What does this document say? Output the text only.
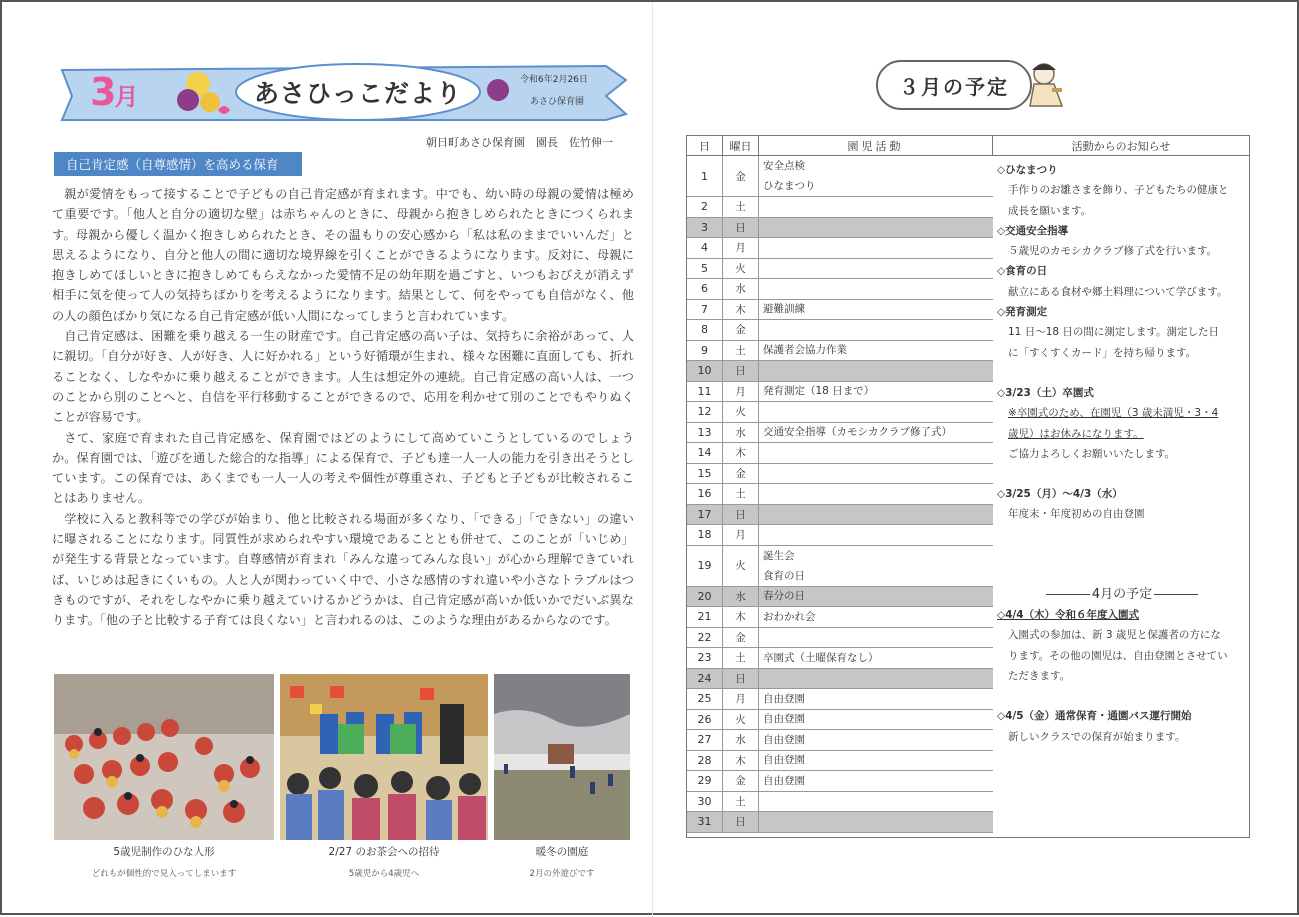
3月	あさひっこだより	令和6年2月26日
あさひ保育園
朝日町あさひ保育園　園長　佐竹伸一
自己肯定感（自尊感情）を高める保育

親が愛情をもって接することで子どもの自己肯定感が育まれます。中でも、幼い時の母親の愛情は極めて重要です。「他人と自分の適切な壁」は赤ちゃんのときに、母親から抱きしめられたときにつくられます。母親から優しく温かく抱きしめられたとき、その温もりの安心感から「私は私のままでいいんだ」と思えるようになり、自分と他人の間に適切な境界線を引くことができるようになります。反対に、母親に抱きしめてほしいときに抱きしめてもらえなかった愛情不足の幼年期を過ごすと、いつもおびえが消えず相手に気を使って人の気持ちばかりを考えるようになります。結果として、何をやっても自信がなく、他の人の顔色ばかり気になる自己肯定感が低い人間になってしまうと言われています。

自己肯定感は、困難を乗り越える一生の財産です。自己肯定感の高い子は、気持ちに余裕があって、人に親切。「自分が好き、人が好き、人に好かれる」という好循環が生まれ、様々な困難に直面しても、折れることなく、しなやかに乗り越えることができます。人生は想定外の連続。自己肯定感の高い人は、一つのことから別のことへと、自信を平行移動することができるので、応用を利かせて別のことでもやりぬくことが容易です。

さて、家庭で育まれた自己肯定感を、保育園ではどのようにして高めていこうとしているのでしょうか。保育園では、「遊びを通した総合的な指導」による保育で、子ども達一人一人の能力を引き出そうとしています。この保育では、あくまでも一人一人の考えや個性が尊重され、子どもと子どもが比較されることはありません。

学校に入ると教科等での学びが始まり、他と比較される場面が多くなり、「できる」「できない」の違いに曝されることになります。同質性が求められやすい環境であることとも併せて、このことが「いじめ」が発生する背景となっています。自尊感情が育まれ「みんな違ってみんな良い」が心から理解できていれば、いじめは起きにくいもの。人と人が関わっていく中で、小さな感情のすれ違いや小さなトラブルはつきものですが、それをしなやかに乗り越えていけるかどうかは、自己肯定感が高いか低いかでだいぶ異なります。「他の子と比較する子育ては良くない」と言われるのは、このような理由があるからなのです。

5歳児制作のひな人形
どれもが個性的で見入ってしまいます
2/27 のお茶会への招待
5歳児から4歳児へ
暖冬の園庭
2月の外遊びです
３月の予定
日	曜日	園児活動	活動からのお知らせ
1	金
安全点検
ひなまつり
2	土
3	日
4	月
5	火
6	水
7	木	避難訓練
8	金
9	土	保護者会協力作業
10	日
11	月	発育測定（18 日まで）
12	火
13	水	交通安全指導（カモシカクラブ修了式）
14	木
15	金
16	土
17	日
18	月
19	火
誕生会
食育の日
20	水	春分の日
21	木	おわかれ会
22	金
23	土	卒園式（土曜保育なし）
24	日
25	月	自由登園
26	火	自由登園
27	水	自由登園
28	木	自由登園
29	金	自由登園
30	土
31	日
◇ひなまつり
手作りのお雛さまを飾り、子どもたちの健康と
成長を願います。
◇交通安全指導
５歳児のカモシカクラブ修了式を行います。
◇食育の日
献立にある食材や郷土料理について学びます。
◇発育測定
11 日～18 日の間に測定します。測定した日
に「すくすくカード」を持ち帰ります。
◇3/23（土）卒園式
※卒園式のため、在園児（3 歳未満児・3・4
歳児）はお休みになります。
ご協力よろしくお願いいたします。
◇3/25（月）～4/3（水）
年度末・年度初めの自由登園
4月の予定
◇4/4（木）令和６年度入園式
入園式の参加は、新 3 歳児と保護者の方にな
ります。その他の園児は、自由登園とさせてい
ただきます。
◇4/5（金）通常保育・通園バス運行開始
新しいクラスでの保育が始まります。
